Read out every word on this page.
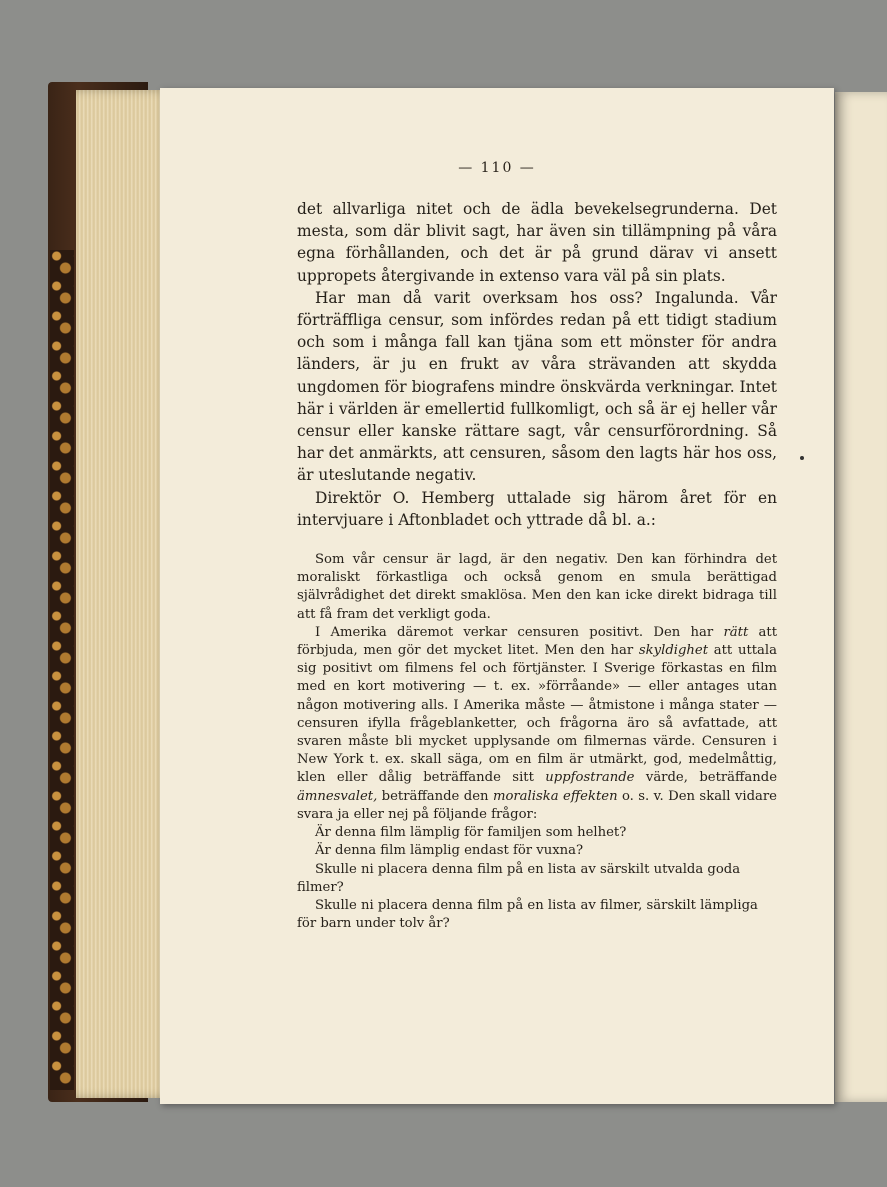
— 110 —

det allvarliga nitet och de ädla bevekelsegrunderna. Det mesta, som där blivit sagt, har även sin tillämpning på våra egna förhållanden, och det är på grund därav vi ansett uppropets återgivande in extenso vara väl på sin plats.

Har man då varit overksam hos oss? Ingalunda. Vår förträffliga censur, som infördes redan på ett tidigt stadium och som i många fall kan tjäna som ett mönster för andra länders, är ju en frukt av våra strävanden att skydda ungdomen för biografens mindre önskvärda verkningar. Intet här i världen är emellertid fullkomligt, och så är ej heller vår censur eller kanske rättare sagt, vår censurförordning. Så har det anmärkts, att censuren, såsom den lagts här hos oss, är uteslutande negativ.

Direktör O. Hemberg uttalade sig härom året för en intervjuare i Aftonbladet och yttrade då bl. a.:

Som vår censur är lagd, är den negativ. Den kan förhindra det moraliskt förkastliga och också genom en smula berättigad självrådighet det direkt smaklösa. Men den kan icke direkt bidraga till att få fram det verkligt goda.

I Amerika däremot verkar censuren positivt. Den har rätt att förbjuda, men gör det mycket litet. Men den har skyldighet att uttala sig positivt om filmens fel och förtjänster. I Sverige förkastas en film med en kort motivering — t. ex. »förråande» — eller antages utan någon motivering alls. I Amerika måste — åtmistone i många stater — censuren ifylla frågeblanketter, och frågorna äro så avfattade, att svaren måste bli mycket upplysande om filmernas värde. Censuren i New York t. ex. skall säga, om en film är utmärkt, god, medelmåttig, klen eller dålig beträffande sitt uppfostrande värde, beträffande ämnesvalet, beträffande den moraliska effekten o. s. v. Den skall vidare svara ja eller nej på följande frågor:

Är denna film lämplig för familjen som helhet?

Är denna film lämplig endast för vuxna?

Skulle ni placera denna film på en lista av särskilt utvalda goda filmer?

Skulle ni placera denna film på en lista av filmer, särskilt lämpliga för barn under tolv år?
